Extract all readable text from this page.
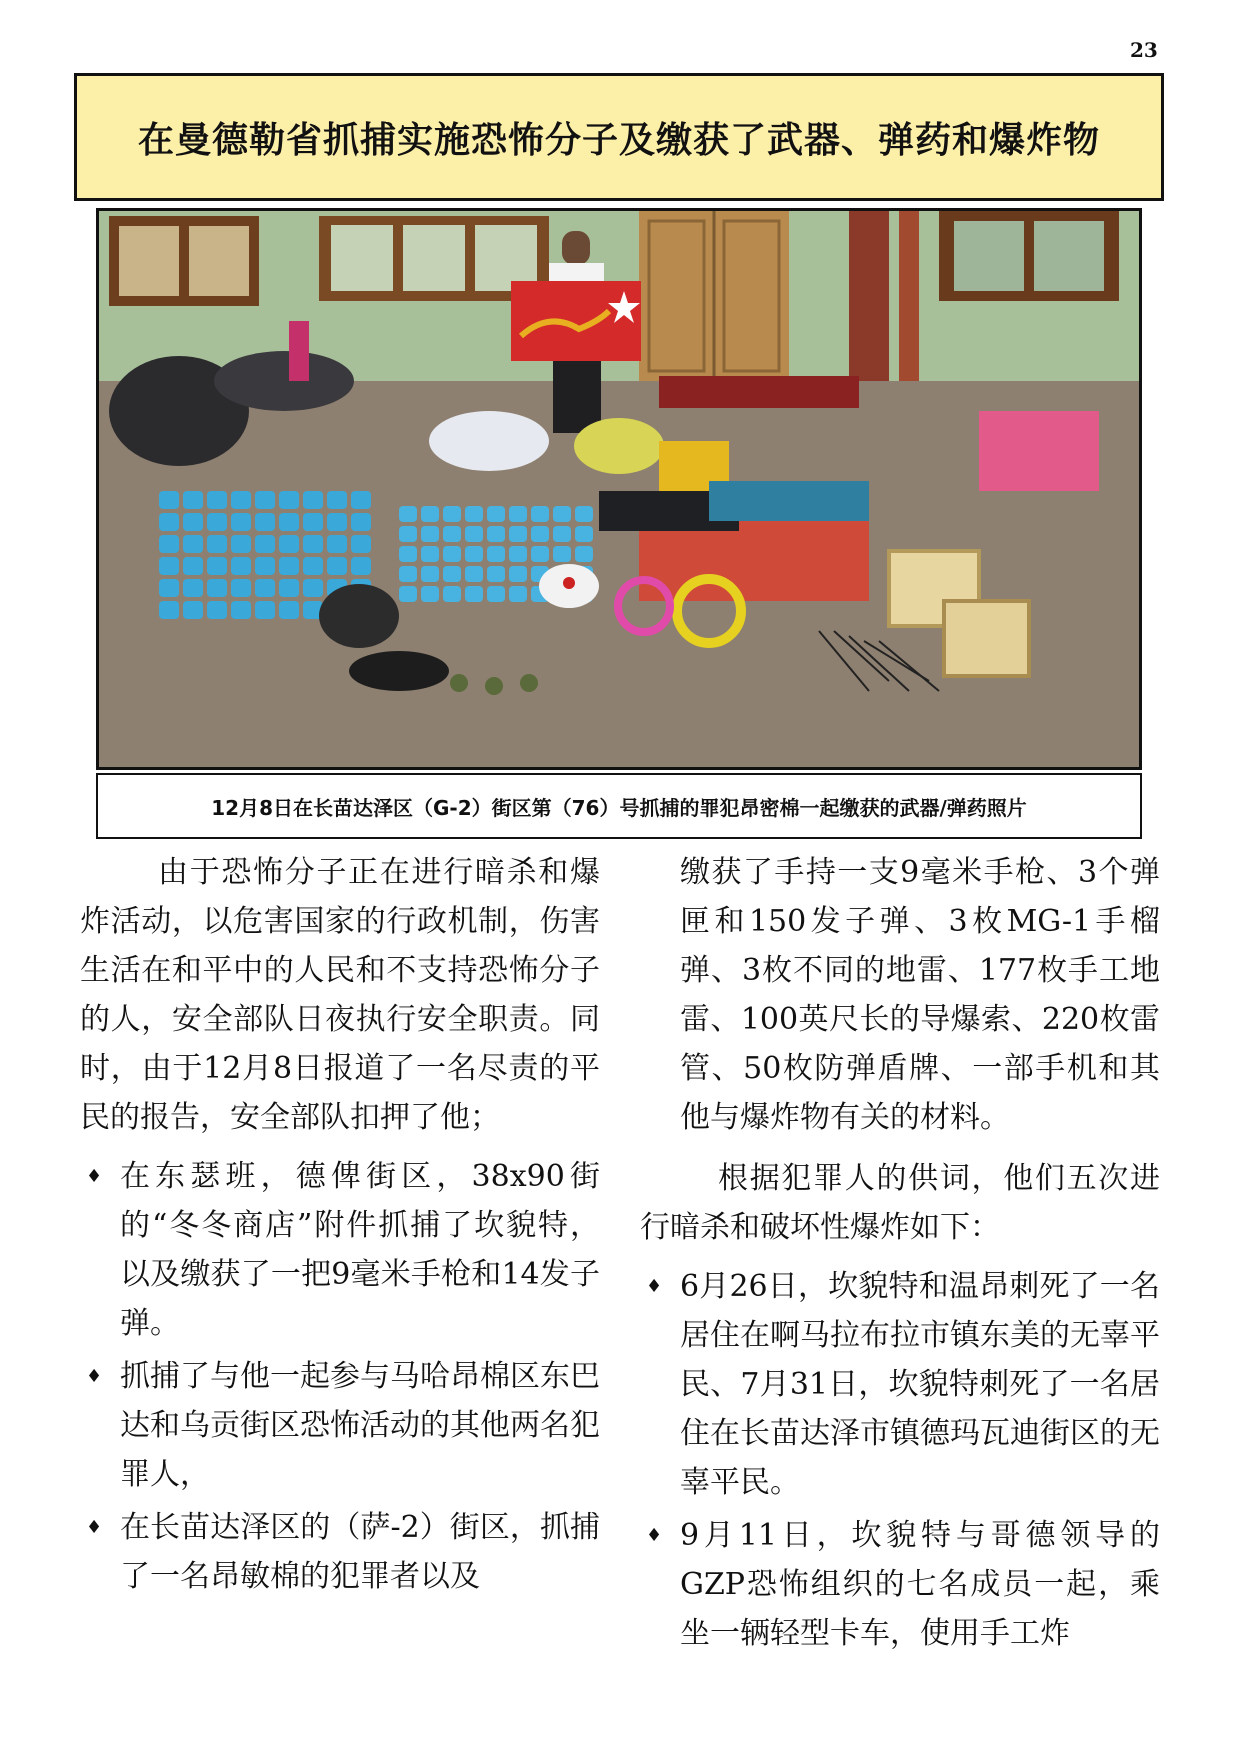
23
在曼德勒省抓捕实施恐怖分子及缴获了武器、弹药和爆炸物
12月8日在长苗达泽区（G-2）街区第（76）号抓捕的罪犯昂密棉一起缴获的武器/弹药照片

由于恐怖分子正在进行暗杀和爆炸活动，以危害国家的行政机制，伤害生活在和平中的人民和不支持恐怖分子的人，安全部队日夜执行安全职责。同时，由于12月8日报道了一名尽责的平民的报告，安全部队扣押了他；

♦ 在东瑟班，德俾街区，38x90街的“冬冬商店”附件抓捕了坎貌特，以及缴获了一把9毫米手枪和14发子弹。
♦ 抓捕了与他一起参与马哈昂棉区东巴达和乌贡街区恐怖活动的其他两名犯罪人，
♦ 在长苗达泽区的（萨-2）街区，抓捕了一名昂敏棉的犯罪者以及

缴获了手持一支9毫米手枪、3个弹匣和150发子弹、3枚MG-1手榴弹、3枚不同的地雷、177枚手工地雷、100英尺长的导爆索、220枚雷管、50枚防弹盾牌、一部手机和其他与爆炸物有关的材料。

根据犯罪人的供词，他们五次进行暗杀和破坏性爆炸如下：

♦ 6月26日，坎貌特和温昂刺死了一名居住在啊马拉布拉市镇东美的无辜平民、7月31日，坎貌特刺死了一名居住在长苗达泽市镇德玛瓦迪街区的无辜平民。
♦ 9月11日，坎貌特与哥德领导的GZP恐怖组织的七名成员一起，乘坐一辆轻型卡车，使用手工炸
